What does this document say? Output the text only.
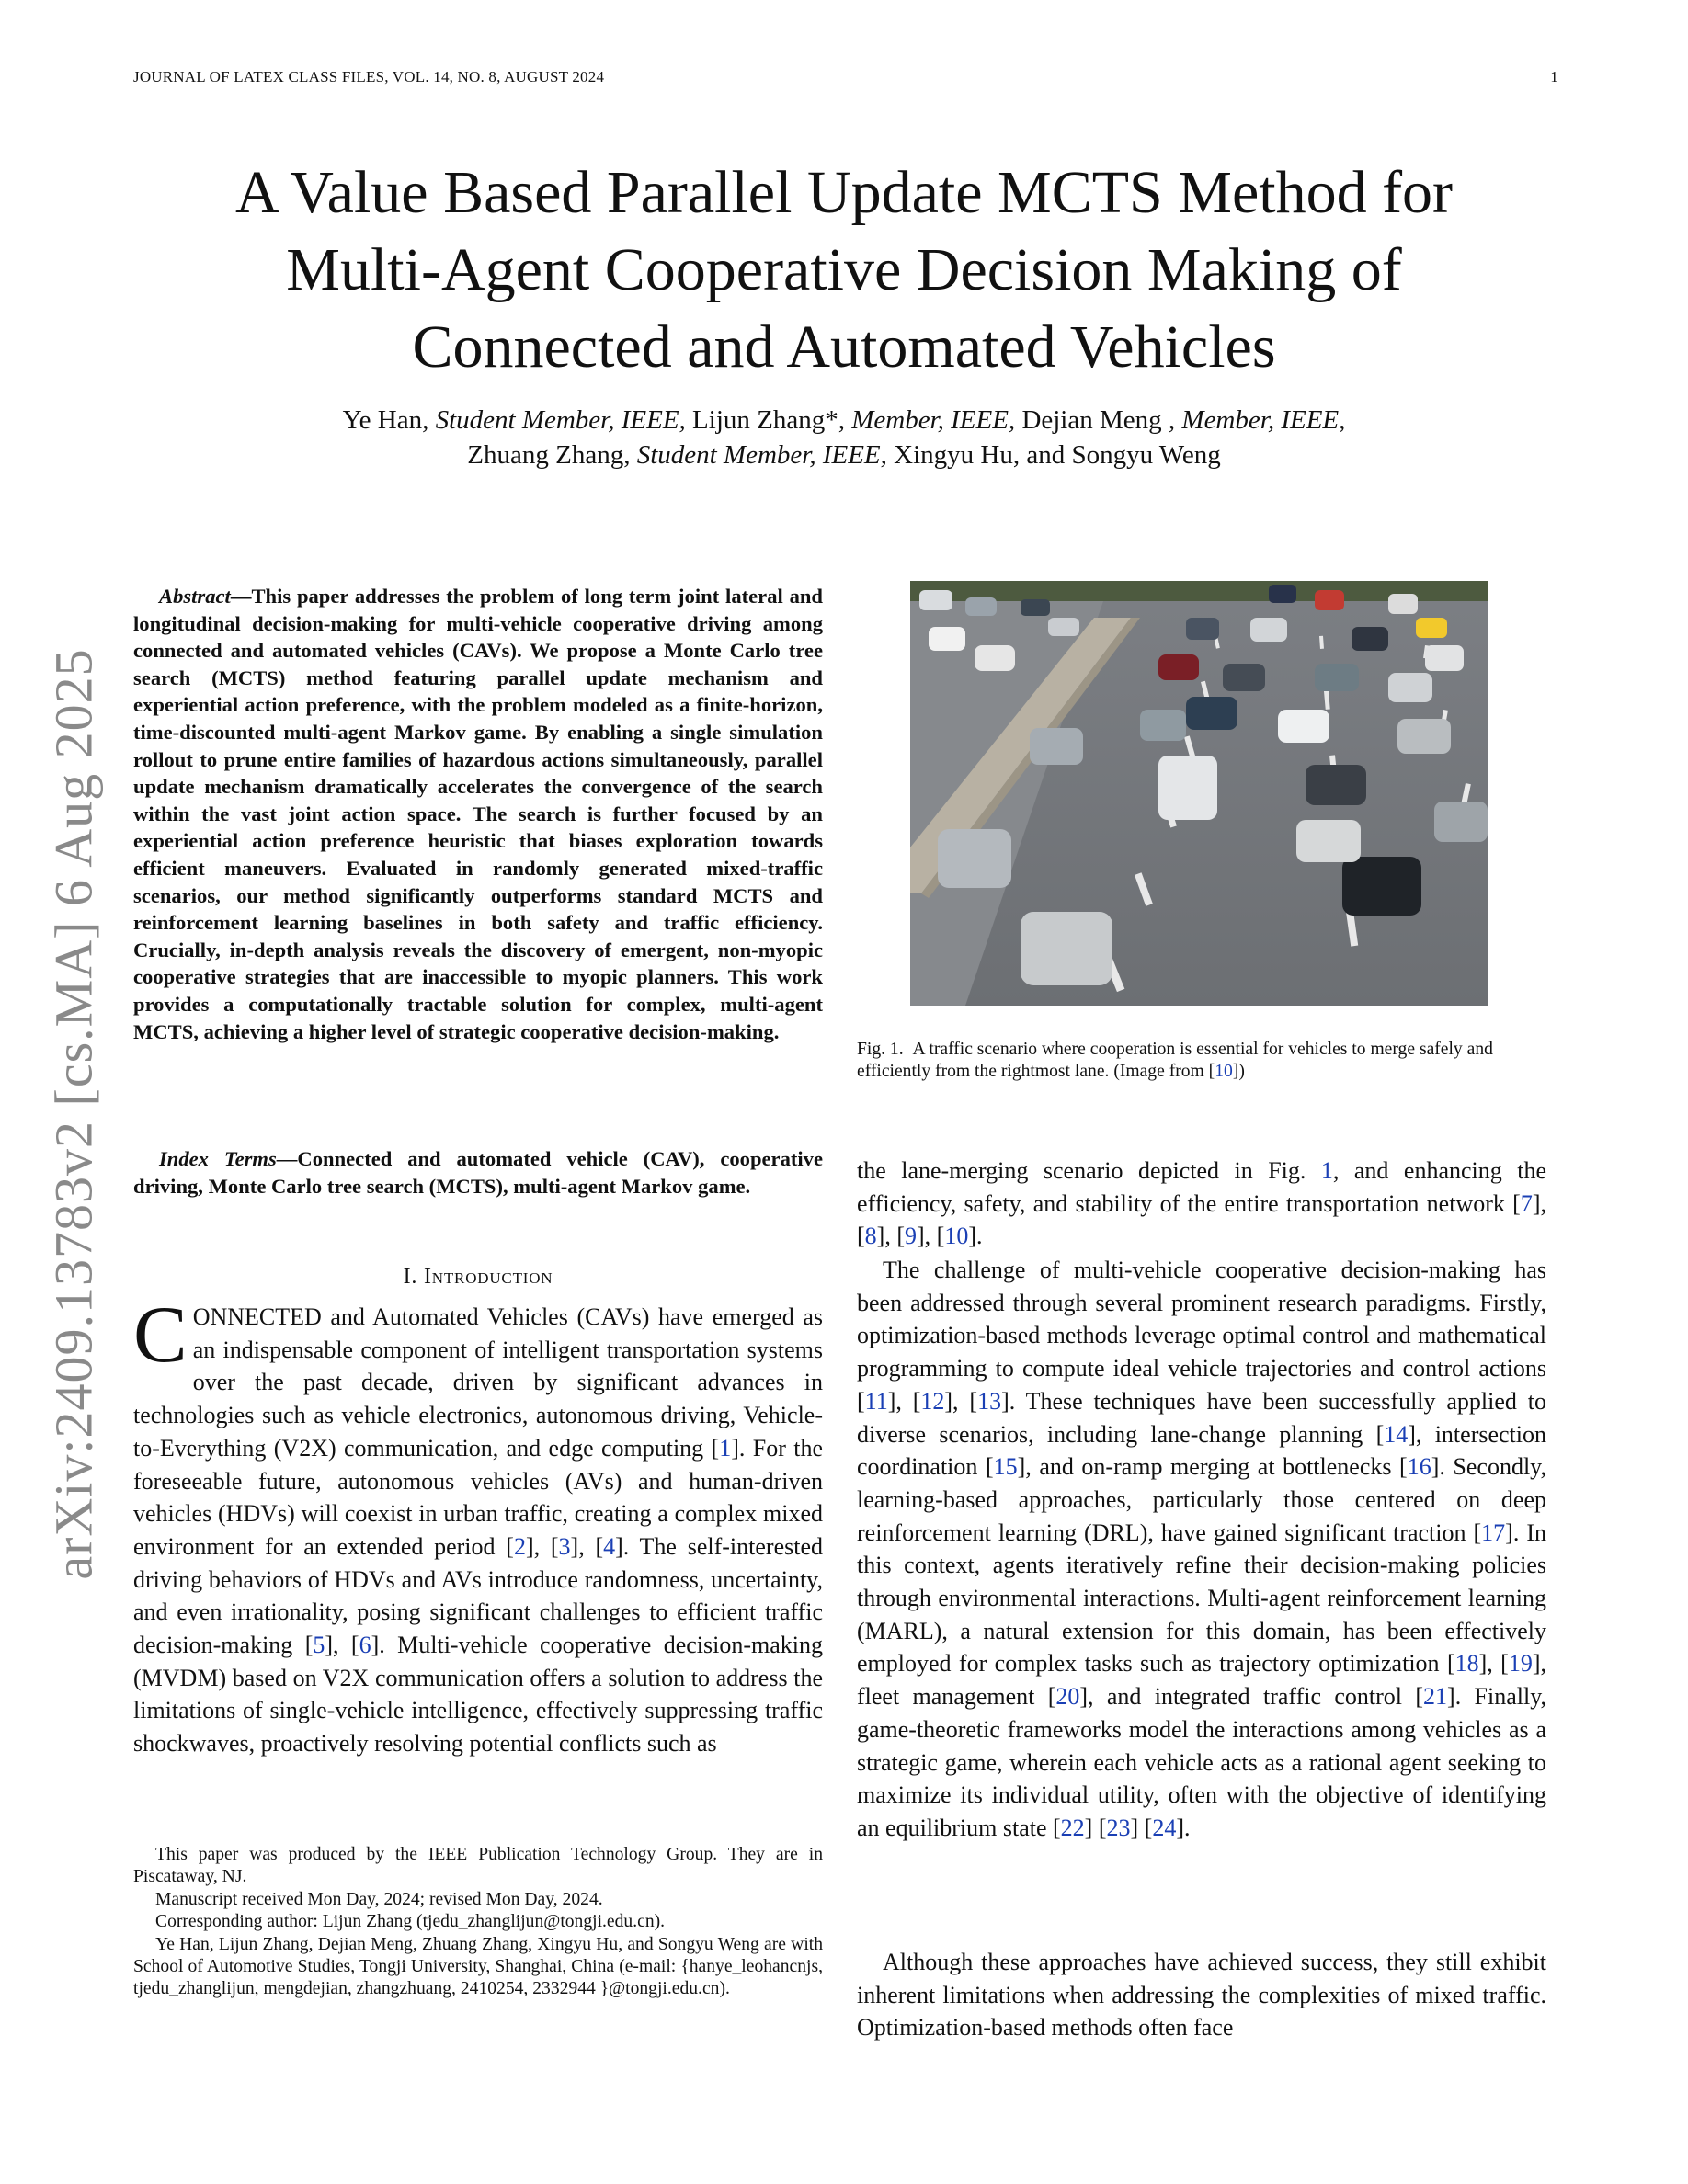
JOURNAL OF LATEX CLASS FILES, VOL. 14, NO. 8, AUGUST 2024	1
A Value Based Parallel Update MCTS Method for
Multi-Agent Cooperative Decision Making of
Connected and Automated Vehicles
Ye Han, Student Member, IEEE, Lijun Zhang*, Member, IEEE, Dejian Meng , Member, IEEE,
Zhuang Zhang, Student Member, IEEE, Xingyu Hu, and Songyu Weng
arXiv:2409.13783v2 [cs.MA] 6 Aug 2025

Abstract—This paper addresses the problem of long term joint lateral and longitudinal decision-making for multi-vehicle cooperative driving among connected and automated vehicles (CAVs). We propose a Monte Carlo tree search (MCTS) method featuring parallel update mechanism and experiential action preference, with the problem modeled as a finite-horizon, time-discounted multi-agent Markov game. By enabling a single simulation rollout to prune entire families of hazardous actions simultaneously, parallel update mechanism dramatically accelerates the convergence of the search within the vast joint action space. The search is further focused by an experiential action preference heuristic that biases exploration towards efficient maneuvers. Evaluated in randomly generated mixed-traffic scenarios, our method significantly outperforms standard MCTS and reinforcement learning baselines in both safety and traffic efficiency. Crucially, in-depth analysis reveals the discovery of emergent, non-myopic cooperative strategies that are inaccessible to myopic planners. This work provides a computationally tractable solution for complex, multi-agent MCTS, achieving a higher level of strategic cooperative decision-making.

Index Terms—Connected and automated vehicle (CAV), cooperative driving, Monte Carlo tree search (MCTS), multi-agent Markov game.

I. Introduction

CONNECTED and Automated Vehicles (CAVs) have emerged as an indispensable component of intelligent transportation systems over the past decade, driven by significant advances in technologies such as vehicle electronics, autonomous driving, Vehicle-to-Everything (V2X) communication, and edge computing [1]. For the foreseeable future, autonomous vehicles (AVs) and human-driven vehicles (HDVs) will coexist in urban traffic, creating a complex mixed environment for an extended period [2], [3], [4]. The self-interested driving behaviors of HDVs and AVs introduce randomness, uncertainty, and even irrationality, posing significant challenges to efficient traffic decision-making [5], [6]. Multi-vehicle cooperative decision-making (MVDM) based on V2X communication offers a solution to address the limitations of single-vehicle intelligence, effectively suppressing traffic shockwaves, proactively resolving potential conflicts such as

This paper was produced by the IEEE Publication Technology Group. They are in Piscataway, NJ.

Manuscript received Mon Day, 2024; revised Mon Day, 2024.

Corresponding author: Lijun Zhang (tjedu_zhanglijun@tongji.edu.cn).

Ye Han, Lijun Zhang, Dejian Meng, Zhuang Zhang, Xingyu Hu, and Songyu Weng are with School of Automotive Studies, Tongji University, Shanghai, China (e-mail: {hanye_leohancnjs, tjedu_zhanglijun, mengdejian, zhangzhuang, 2410254, 2332944 }@tongji.edu.cn).

Fig. 1. A traffic scenario where cooperation is essential for vehicles to merge safely and efficiently from the rightmost lane. (Image from [10])

the lane-merging scenario depicted in Fig. 1, and enhancing the efficiency, safety, and stability of the entire transportation network [7], [8], [9], [10].

The challenge of multi-vehicle cooperative decision-making has been addressed through several prominent research paradigms. Firstly, optimization-based methods leverage optimal control and mathematical programming to compute ideal vehicle trajectories and control actions [11], [12], [13]. These techniques have been successfully applied to diverse scenarios, including lane-change planning [14], intersection coordination [15], and on-ramp merging at bottlenecks [16]. Secondly, learning-based approaches, particularly those centered on deep reinforcement learning (DRL), have gained significant traction [17]. In this context, agents iteratively refine their decision-making policies through environmental interactions. Multi-agent reinforcement learning (MARL), a natural extension for this domain, has been effectively employed for complex tasks such as trajectory optimization [18], [19], fleet management [20], and integrated traffic control [21]. Finally, game-theoretic frameworks model the interactions among vehicles as a strategic game, wherein each vehicle acts as a rational agent seeking to maximize its individual utility, often with the objective of identifying an equilibrium state [22] [23] [24].

Although these approaches have achieved success, they still exhibit inherent limitations when addressing the complexities of mixed traffic. Optimization-based methods often face
